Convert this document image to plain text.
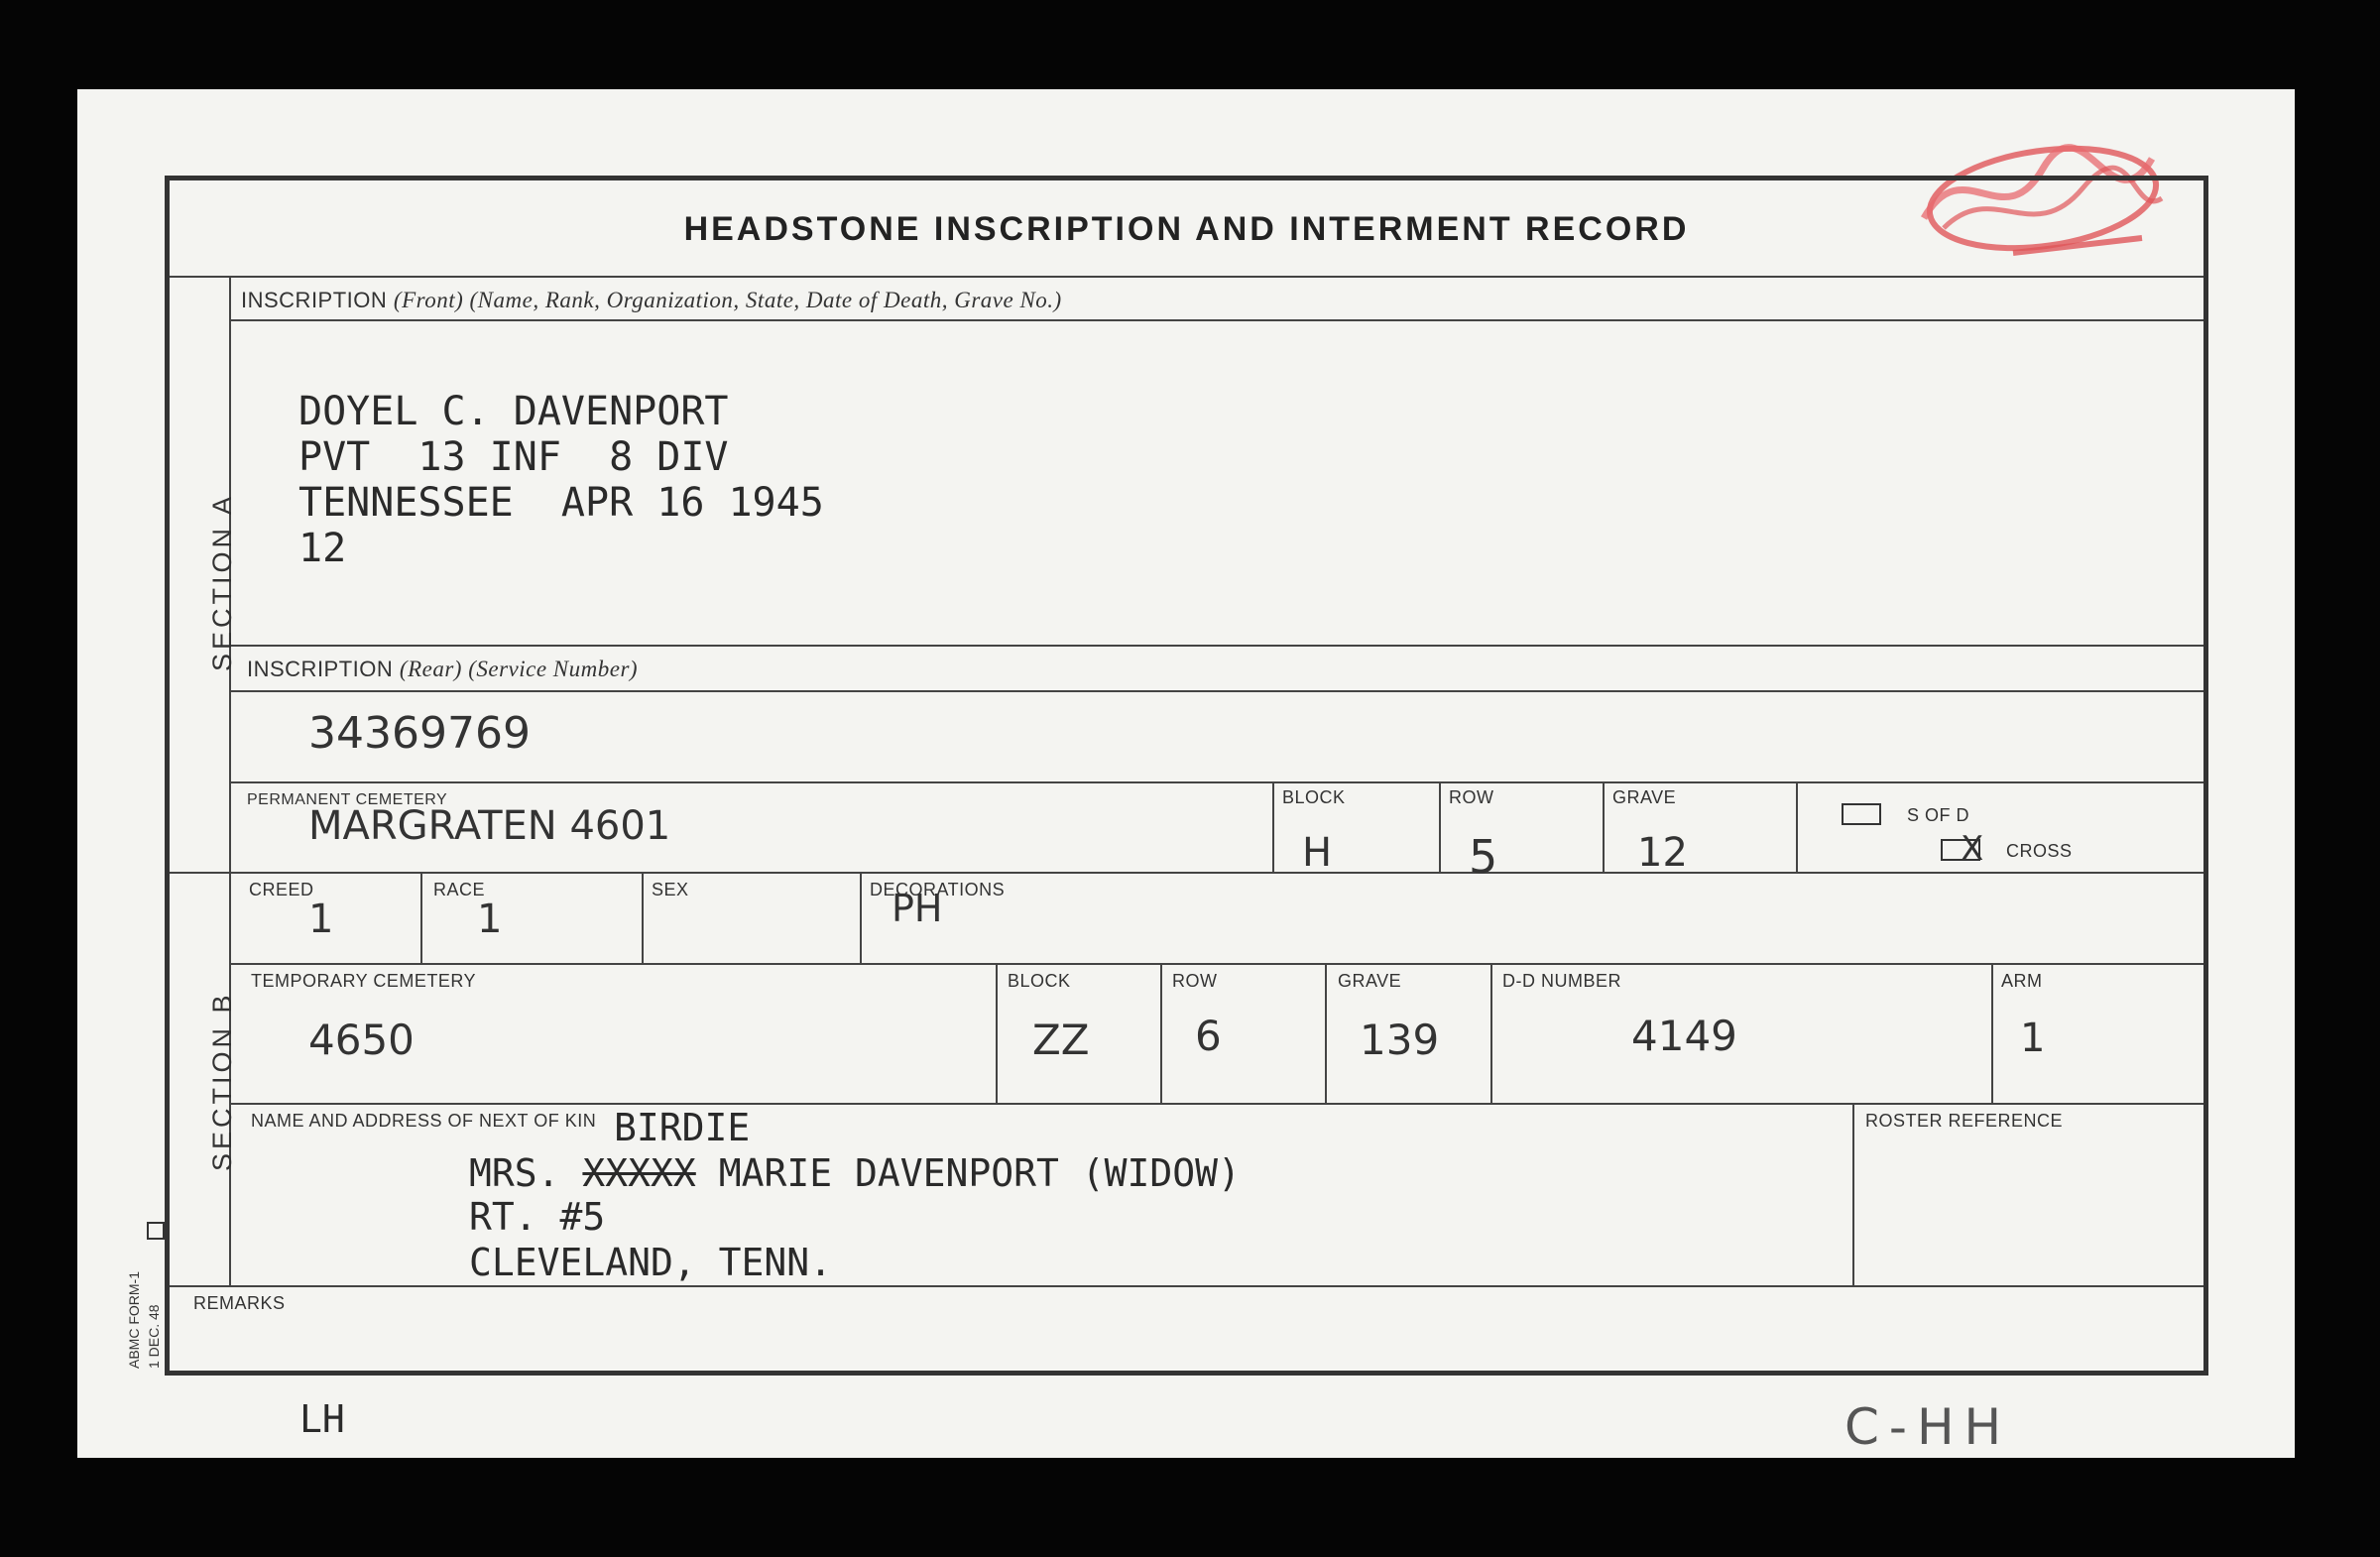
HEADSTONE INSCRIPTION AND INTERMENT RECORD
SECTION A
SECTION B
INSCRIPTION (Front) (Name, Rank, Organization, State, Date of Death, Grave No.)
DOYEL C. DAVENPORT
PVT  13 INF  8 DIV
TENNESSEE  APR 16 1945
12
INSCRIPTION (Rear) (Service Number)
34369769
PERMANENT CEMETERY
MARGRATEN 4601
BLOCK
H
ROW
5
GRAVE
12
S OF D
X CROSS
CREED
1
RACE
1
SEX	DECORATIONS
PH
TEMPORARY CEMETERY
4650
BLOCK
ZZ
ROW
6
GRAVE
139
D-D NUMBER
4149
ARM
1
NAME AND ADDRESS OF NEXT OF KIN BIRDIE
MRS. XXXXX MARIE DAVENPORT (WIDOW)
RT. #5
CLEVELAND, TENN.
ROSTER REFERENCE
REMARKS
ABMC FORM-1 1 DEC. 48
LH	C-HH
